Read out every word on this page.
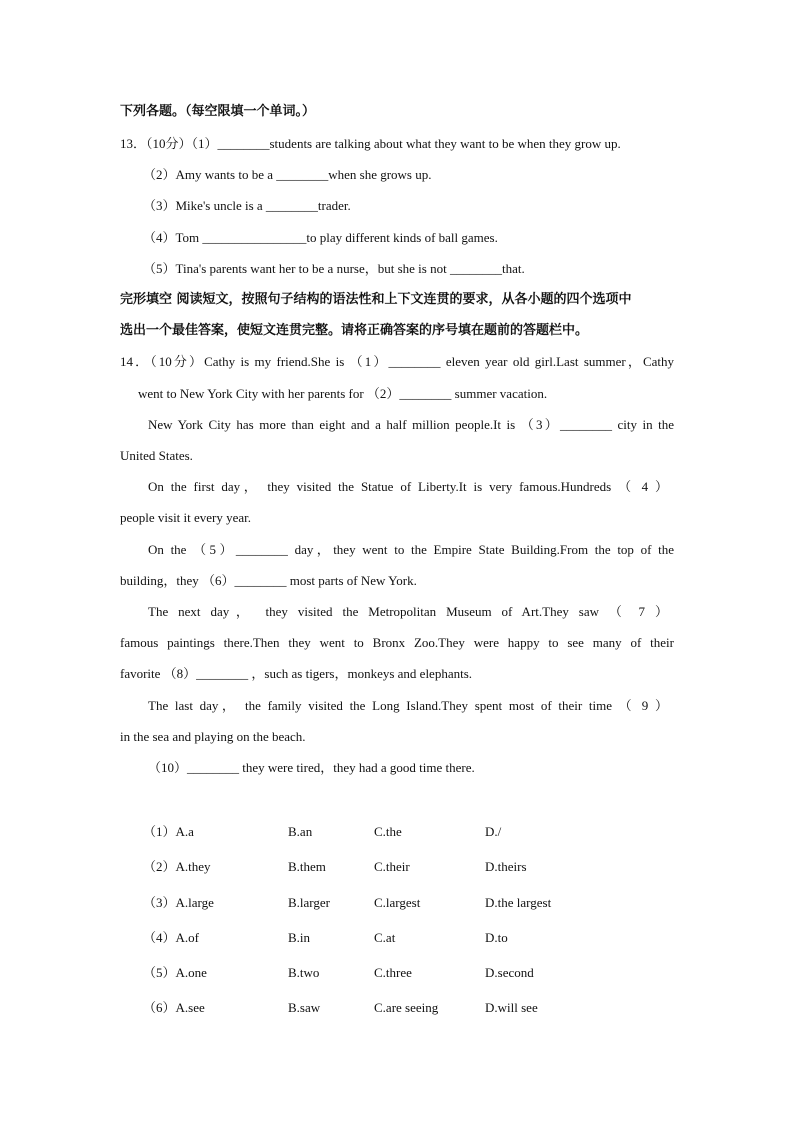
下列各题。（每空限填一个单词。）
13．（10分）（1）________students are talking about what they want to be when they grow up.
（2）Amy wants to be a ________when she grows up.
（3）Mike's uncle is a ________trader.
（4）Tom ________________to play different kinds of ball games.
（5）Tina's parents want her to be a nurse，but she is not ________that.
完形填空 阅读短文，按照句子结构的语法性和上下文连贯的要求，从各小题的四个选项中
选出一个最佳答案，使短文连贯完整。请将正确答案的序号填在题前的答题栏中。
14．（10分）Cathy is my friend.She is （1）________ eleven year old girl.Last summer，Cathy
went to New York City with her parents for （2）________ summer vacation.
New York City has more than eight and a half million people.It is （3）________ city in the
United States.
On the first day， they visited the Statue of Liberty.It is very famous.Hundreds （ 4 ）
people visit it every year.
On the （5）________ day，they went to the Empire State Building.From the top of the
building，they （6）________ most parts of New York.
The next day， they visited the Metropolitan Museum of Art.They saw （ 7 ）
famous paintings there.Then they went to Bronx Zoo.They were happy to see many of their
favorite （8）________ ，such as tigers，monkeys and elephants.
The last day， the family visited the Long Island.They spent most of their time （ 9 ）
in the sea and playing on the beach.
（10）________ they were tired，they had a good time there.
（1）A.a	B.an	C.the	D./
（2）A.they	B.them	C.their	D.theirs
（3）A.large	B.larger	C.largest	D.the largest
（4）A.of	B.in	C.at	D.to
（5）A.one	B.two	C.three	D.second
（6）A.see	B.saw	C.are seeing	D.will see
